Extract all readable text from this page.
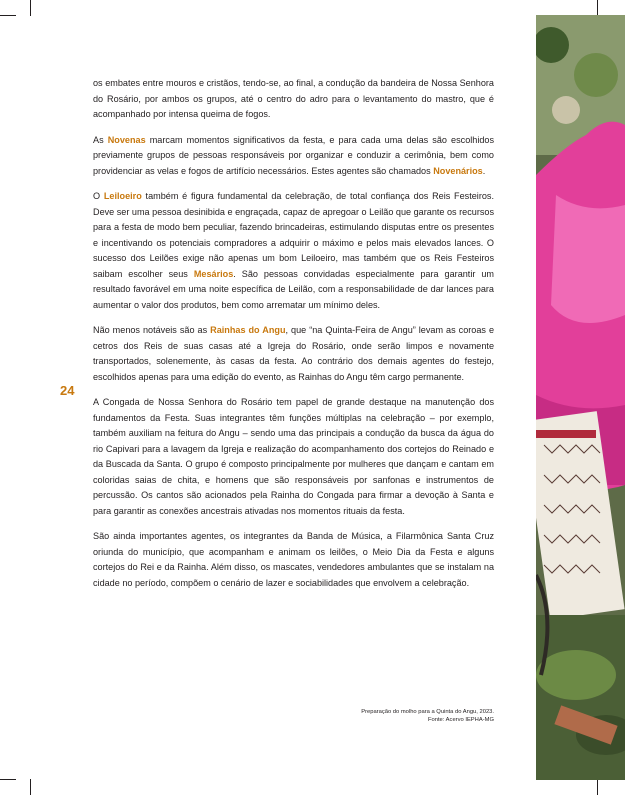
24

os embates entre mouros e cristãos, tendo-se, ao final, a condução da bandeira de Nossa Senhora do Rosário, por ambos os grupos, até o centro do adro para o levantamento do mastro, que é acompanhado por intensa queima de fogos.

As Novenas marcam momentos significativos da festa, e para cada uma delas são escolhidos previamente grupos de pessoas responsáveis por organizar e conduzir a cerimônia, bem como providenciar as velas e fogos de artifício necessários. Estes agentes são chamados Novenários.

O Leiloeiro também é figura fundamental da celebração, de total confiança dos Reis Festeiros. Deve ser uma pessoa desinibida e engraçada, capaz de apregoar o Leilão que garante os recursos para a festa de modo bem peculiar, fazendo brincadeiras, estimulando disputas entre os presentes e incentivando os potenciais compradores a adquirir o máximo e pelos mais elevados lances. O sucesso dos Leilões exige não apenas um bom Leiloeiro, mas também que os Reis Festeiros saibam escolher seus Mesários. São pessoas convidadas especialmente para garantir um resultado favorável em uma noite específica de Leilão, com a responsabilidade de dar lances para aumentar o valor dos produtos, bem como arrematar um mínimo deles.

Não menos notáveis são as Rainhas do Angu, que “na Quinta-Feira de Angu” levam as coroas e cetros dos Reis de suas casas até a Igreja do Rosário, onde serão limpos e novamente transportados, solenemente, às casas da festa. Ao contrário dos demais agentes do festejo, escolhidos apenas para uma edição do evento, as Rainhas do Angu têm cargo permanente.

A Congada de Nossa Senhora do Rosário tem papel de grande destaque na manutenção dos fundamentos da Festa. Suas integrantes têm funções múltiplas na celebração – por exemplo, também auxiliam na feitura do Angu – sendo uma das principais a condução da busca da água do rio Capivari para a lavagem da Igreja e realização do acompanhamento dos cortejos do Reinado e da Buscada da Santa. O grupo é composto principalmente por mulheres que dançam e cantam em coloridas saias de chita, e homens que são responsáveis por sanfonas e instrumentos de percussão. Os cantos são acionados pela Rainha do Congada para firmar a devoção à Santa e para garantir as conexões ancestrais ativadas nos momentos rituais da festa.

São ainda importantes agentes, os integrantes da Banda de Música, a Filarmônica Santa Cruz oriunda do município, que acompanham e animam os leilões, o Meio Dia da Festa e alguns cortejos do Rei e da Rainha. Além disso, os mascates, vendedores ambulantes que se instalam na cidade no período, compõem o cenário de lazer e sociabilidades que envolvem a celebração.

Preparação do molho para a Quinta do Angu, 2023.
Fonte: Acervo IEPHA-MG
